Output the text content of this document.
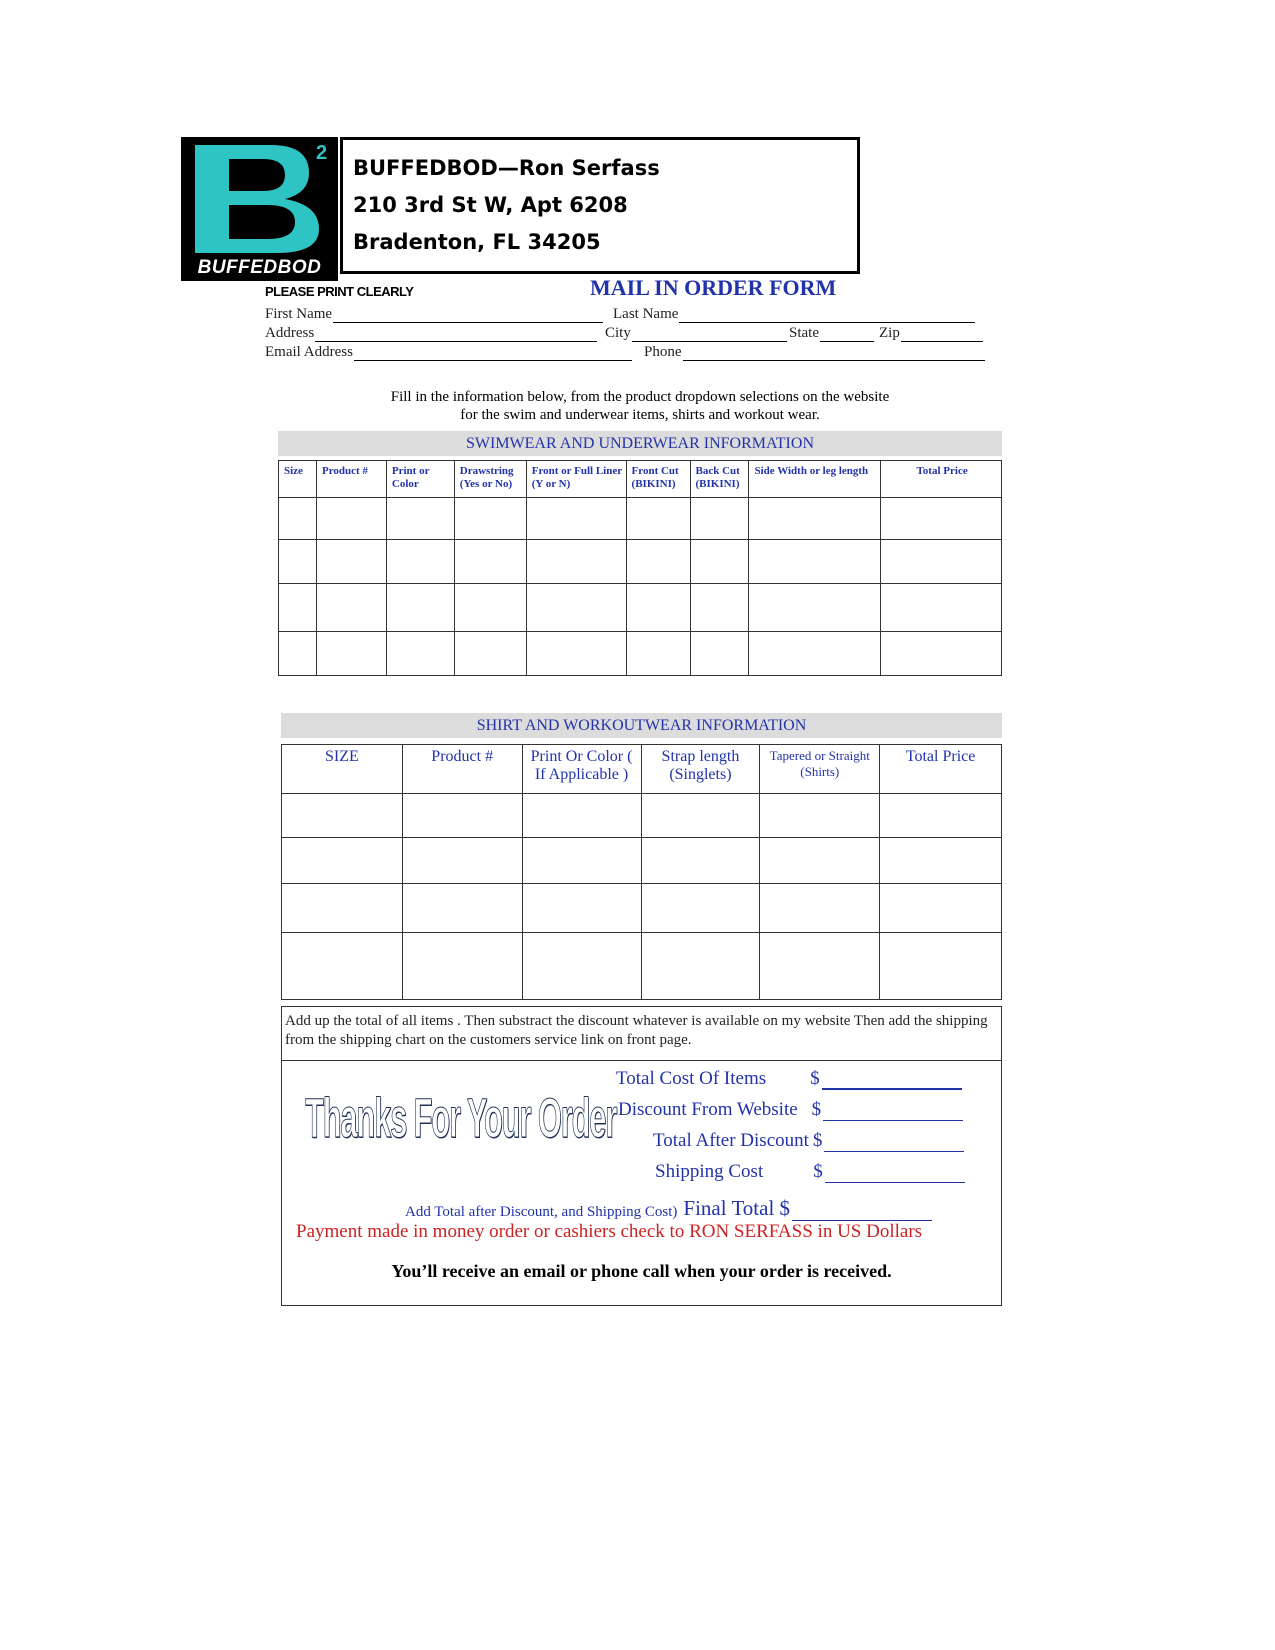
2
BUFFEDBOD
BUFFEDBOD—Ron Serfass
210 3rd St W, Apt 6208
Bradenton, FL 34205
PLEASE PRINT CLEARLY	MAIL IN ORDER FORM
First Name	Last Name
Address	City	State	Zip
Email Address	Phone
Fill in the information below, from the product dropdown selections on the website
for the swim and underwear items, shirts and workout wear.
SWIMWEAR AND UNDERWEAR INFORMATION
Size	Product #	Print or Color	Drawstring (Yes or No)	Front or Full Liner (Y or N)	Front Cut (BIKINI)	Back Cut (BIKINI)	Side Width or leg length	Total Price

SHIRT AND WORKOUTWEAR INFORMATION
SIZE	Product #	Print Or Color ( If Applicable )	Strap length (Singlets)	Tapered or Straight (Shirts)	Total Price

Add up the total of all items . Then substract the discount whatever is available on my website Then add the shipping from the shipping chart on the customers service link on front page.
Thanks For Your Order
Total Cost Of Items $
Discount From Website $
Total After Discount $
Shipping Cost	$
Add Total after Discount, and Shipping Cost) Final Total $
Payment made in money order or cashiers check to RON SERFASS in US Dollars
You’ll receive an email or phone call when your order is received.
